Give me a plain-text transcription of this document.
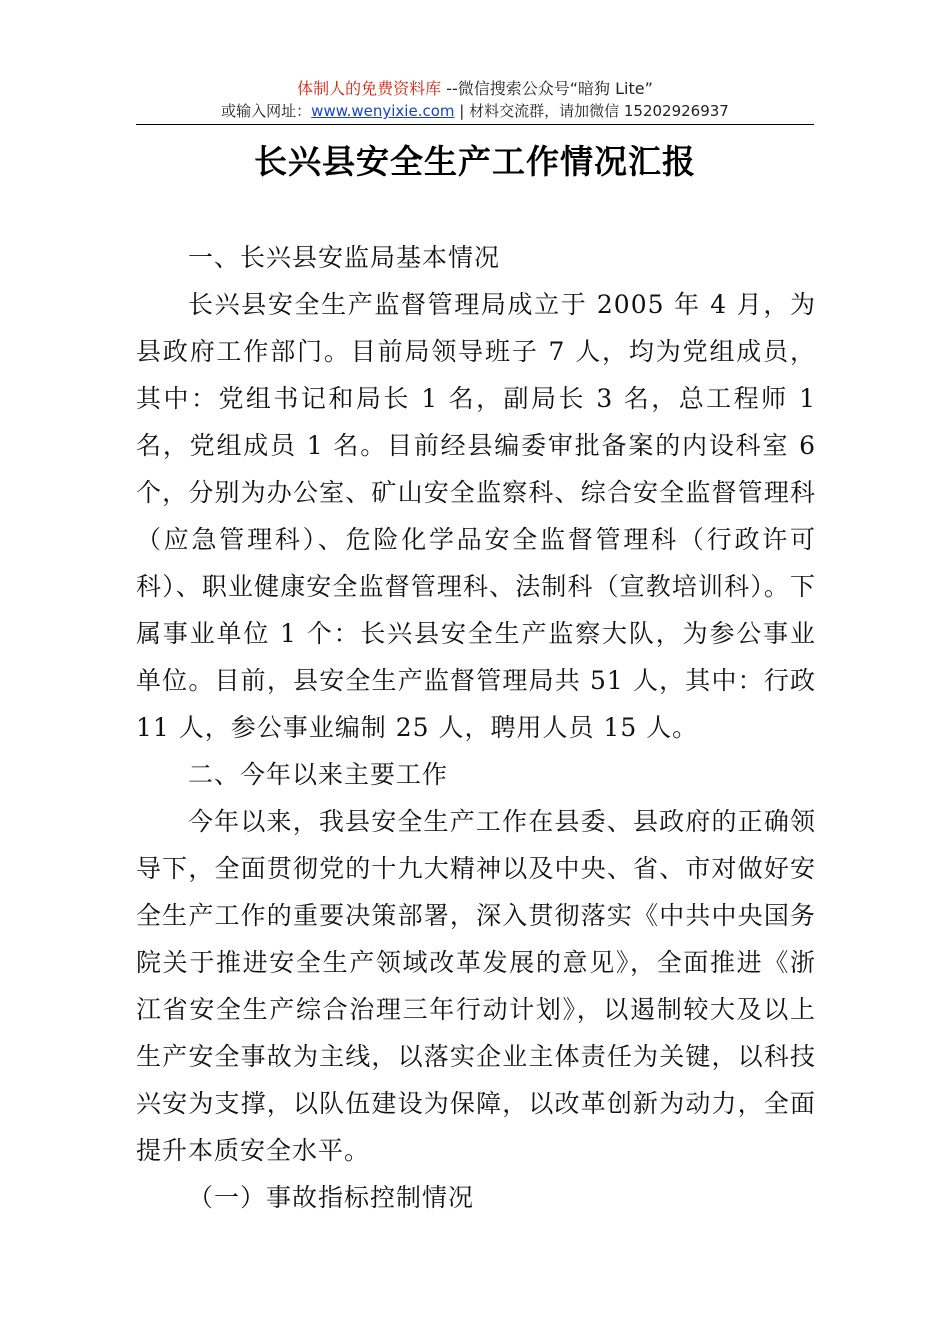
体制人的免费资料库 --微信搜索公众号“暗狗 Lite”
或输入网址：www.wenyixie.com | 材料交流群，请加微信 15202926937
长兴县安全生产工作情况汇报

一、长兴县安监局基本情况

长兴县安全生产监督管理局成立于 2005 年 4 月，为县政府工作部门。目前局领导班子 7 人，均为党组成员，其中：党组书记和局长 1 名，副局长 3 名，总工程师 1 名，党组成员 1 名。目前经县编委审批备案的内设科室 6 个，分别为办公室、矿山安全监察科、综合安全监督管理科（应急管理科）、危险化学品安全监督管理科（行政许可科）、职业健康安全监督管理科、法制科（宣教培训科）。下属事业单位 1 个：长兴县安全生产监察大队，为参公事业单位。目前，县安全生产监督管理局共 51 人，其中：行政 11 人，参公事业编制 25 人，聘用人员 15 人。

二、今年以来主要工作

今年以来，我县安全生产工作在县委、县政府的正确领导下，全面贯彻党的十九大精神以及中央、省、市对做好安全生产工作的重要决策部署，深入贯彻落实《中共中央国务院关于推进安全生产领域改革发展的意见》，全面推进《浙江省安全生产综合治理三年行动计划》，以遏制较大及以上生产安全事故为主线，以落实企业主体责任为关键，以科技兴安为支撑，以队伍建设为保障，以改革创新为动力，全面提升本质安全水平。

（一）事故指标控制情况
